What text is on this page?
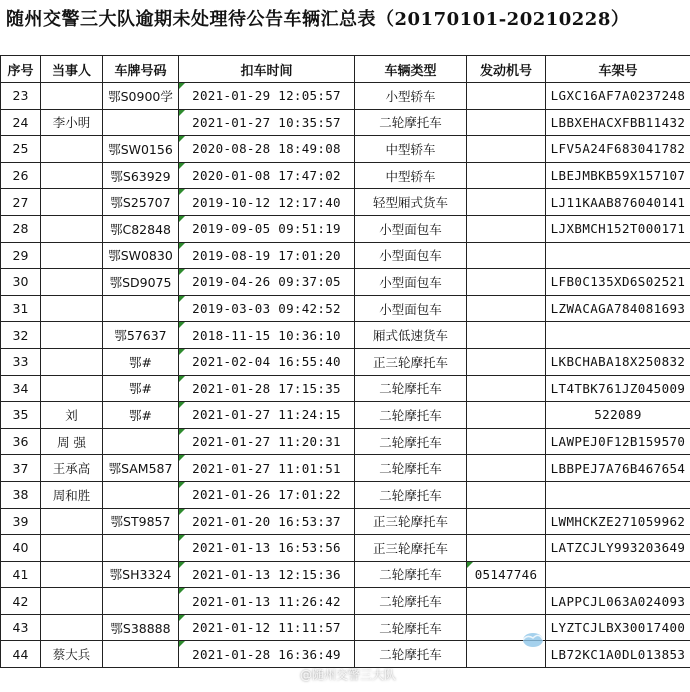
随州交警三大队逾期未处理待公告车辆汇总表（20170101-20210228）
序号	当事人	车牌号码	扣车时间	车辆类型	发动机号	车架号
23		鄂S0900学	2021-01-29 12:05:57	小型轿车		LGXC16AF7A0237248
24	李小明		2021-01-27 10:35:57	二轮摩托车		LBBXEHACXFBB11432
25		鄂SW0156	2020-08-28 18:49:08	中型轿车		LFV5A24F683041782
26		鄂S63929	2020-01-08 17:47:02	中型轿车		LBEJMBKB59X157107
27		鄂S25707	2019-10-12 12:17:40	轻型厢式货车		LJ11KAAB876040141
28		鄂C82848	2019-09-05 09:51:19	小型面包车		LJXBMCH152T000171
29		鄂SW0830	2019-08-19 17:01:20	小型面包车		
30		鄂SD9075	2019-04-26 09:37:05	小型面包车		LFB0C135XD6S02521
31			2019-03-03 09:42:52	小型面包车		LZWACAGA784081693
32		鄂57637	2018-11-15 10:36:10	厢式低速货车		
33		鄂#	2021-02-04 16:55:40	正三轮摩托车		LKBCHABA18X250832
34		鄂#	2021-01-28 17:15:35	二轮摩托车		LT4TBK761JZ045009
35	刘	鄂#	2021-01-27 11:24:15	二轮摩托车		522089
36	周 强		2021-01-27 11:20:31	二轮摩托车		LAWPEJ0F12B159570
37	王承高	鄂SAM587	2021-01-27 11:01:51	二轮摩托车		LBBPEJ7A76B467654
38	周和胜		2021-01-26 17:01:22	二轮摩托车		
39		鄂ST9857	2021-01-20 16:53:37	正三轮摩托车		LWMHCKZE271059962
40			2021-01-13 16:53:56	正三轮摩托车		LATZCJLY993203649
41		鄂SH3324	2021-01-13 12:15:36	二轮摩托车	05147746	
42			2021-01-13 11:26:42	二轮摩托车		LAPPCJL063A024093
43		鄂S38888	2021-01-12 11:11:57	二轮摩托车		LYZTCJLBX30017400
44	蔡大兵		2021-01-28 16:36:49	二轮摩托车		LB72KC1A0DL013853
@随州交警三大队
